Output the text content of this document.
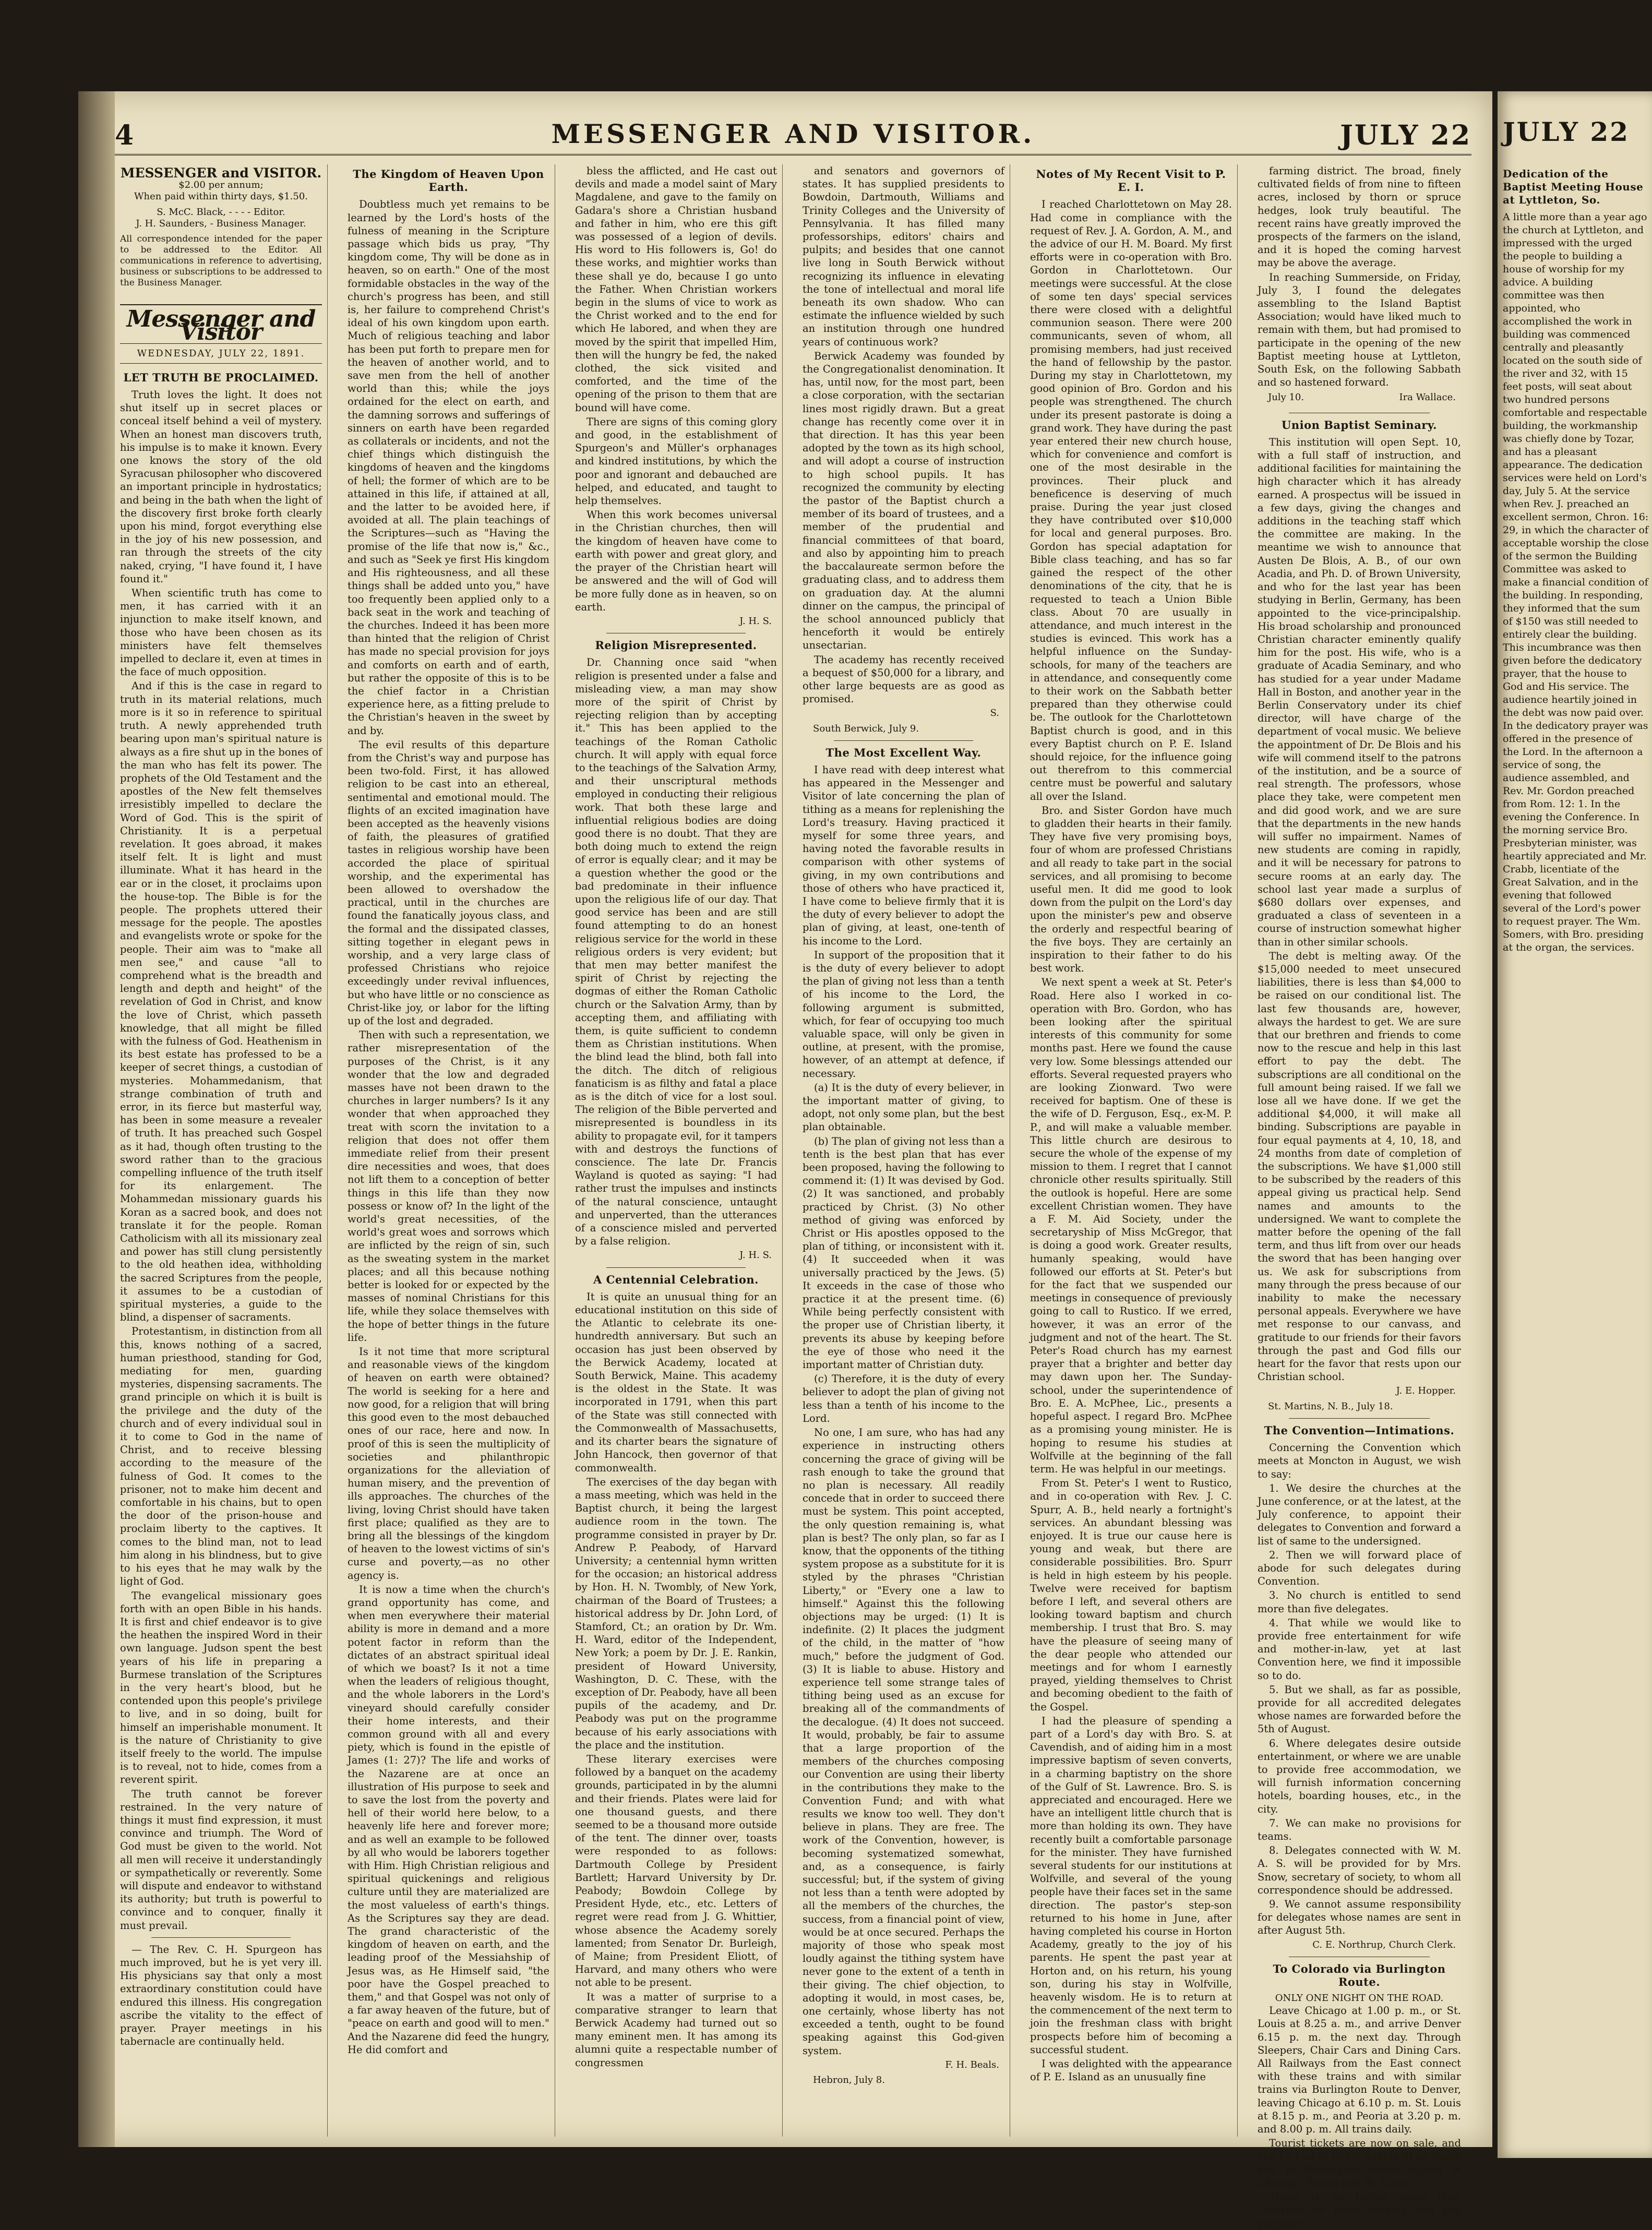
4	MESSENGER AND VISITOR.	JULY 22
MESSENGER and VISITOR.
$2.00 per annum;
When paid within thirty days, $1.50.
S. McC. Black, - - - - Editor.
J. H. Saunders, - Business Manager.
All correspondence intended for the paper to be addressed to the Editor. All communications in reference to advertising, business or subscriptions to be addressed to the Business Manager.
Messenger and Visitor
WEDNESDAY, JULY 22, 1891.
LET TRUTH BE PROCLAIMED.

Truth loves the light. It does not shut itself up in secret places or conceal itself behind a veil of mystery. When an honest man discovers truth, his impulse is to make it known. Every one knows the story of the old Syracusan philosopher who discovered an important principle in hydrostatics; and being in the bath when the light of the discovery first broke forth clearly upon his mind, forgot everything else in the joy of his new possession, and ran through the streets of the city naked, crying, "I have found it, I have found it."

When scientific truth has come to men, it has carried with it an injunction to make itself known, and those who have been chosen as its ministers have felt themselves impelled to declare it, even at times in the face of much opposition.

And if this is the case in regard to truth in its material relations, much more is it so in reference to spiritual truth. A newly apprehended truth bearing upon man's spiritual nature is always as a fire shut up in the bones of the man who has felt its power. The prophets of the Old Testament and the apostles of the New felt themselves irresistibly impelled to declare the Word of God. This is the spirit of Christianity. It is a perpetual revelation. It goes abroad, it makes itself felt. It is light and must illuminate. What it has heard in the ear or in the closet, it proclaims upon the house-top. The Bible is for the people. The prophets uttered their message for the people. The apostles and evangelists wrote or spoke for the people. Their aim was to "make all men see," and cause "all to comprehend what is the breadth and length and depth and height" of the revelation of God in Christ, and know the love of Christ, which passeth knowledge, that all might be filled with the fulness of God. Heathenism in its best estate has professed to be a keeper of secret things, a custodian of mysteries. Mohammedanism, that strange combination of truth and error, in its fierce but masterful way, has been in some measure a revealer of truth. It has preached such Gospel as it had, though often trusting to the sword rather than to the gracious compelling influence of the truth itself for its enlargement. The Mohammedan missionary guards his Koran as a sacred book, and does not translate it for the people. Roman Catholicism with all its missionary zeal and power has still clung persistently to the old heathen idea, withholding the sacred Scriptures from the people, it assumes to be a custodian of spiritual mysteries, a guide to the blind, a dispenser of sacraments.

Protestantism, in distinction from all this, knows nothing of a sacred, human priesthood, standing for God, mediating for men, guarding mysteries, dispensing sacraments. The grand principle on which it is built is the privilege and the duty of the church and of every individual soul in it to come to God in the name of Christ, and to receive blessing according to the measure of the fulness of God. It comes to the prisoner, not to make him decent and comfortable in his chains, but to open the door of the prison-house and proclaim liberty to the captives. It comes to the blind man, not to lead him along in his blindness, but to give to his eyes that he may walk by the light of God.

The evangelical missionary goes forth with an open Bible in his hands. It is first and chief endeavor is to give the heathen the inspired Word in their own language. Judson spent the best years of his life in preparing a Burmese translation of the Scriptures in the very heart's blood, but he contended upon this people's privilege to live, and in so doing, built for himself an imperishable monument. It is the nature of Christianity to give itself freely to the world. The impulse is to reveal, not to hide, comes from a reverent spirit.

The truth cannot be forever restrained. In the very nature of things it must find expression, it must convince and triumph. The Word of God must be given to the world. Not all men will receive it understandingly or sympathetically or reverently. Some will dispute and endeavor to withstand its authority; but truth is powerful to convince and to conquer, finally it must prevail.

— The Rev. C. H. Spurgeon has much improved, but he is yet very ill. His physicians say that only a most extraordinary constitution could have endured this illness. His congregation ascribe the vitality to the effect of prayer. Prayer meetings in his tabernacle are continually held.

The Kingdom of Heaven Upon Earth.

Doubtless much yet remains to be learned by the Lord's hosts of the fulness of meaning in the Scripture passage which bids us pray, "Thy kingdom come, Thy will be done as in heaven, so on earth." One of the most formidable obstacles in the way of the church's progress has been, and still is, her failure to comprehend Christ's ideal of his own kingdom upon earth. Much of religious teaching and labor has been put forth to prepare men for the heaven of another world, and to save men from the hell of another world than this; while the joys ordained for the elect on earth, and the damning sorrows and sufferings of sinners on earth have been regarded as collaterals or incidents, and not the chief things which distinguish the kingdoms of heaven and the kingdoms of hell; the former of which are to be attained in this life, if attained at all, and the latter to be avoided here, if avoided at all. The plain teachings of the Scriptures—such as "Having the promise of the life that now is," &c., and such as "Seek ye first His kingdom and His righteousness, and all these things shall be added unto you," have too frequently been applied only to a back seat in the work and teaching of the churches. Indeed it has been more than hinted that the religion of Christ has made no special provision for joys and comforts on earth and of earth, but rather the opposite of this is to be the chief factor in a Christian experience here, as a fitting prelude to the Christian's heaven in the sweet by and by.

The evil results of this departure from the Christ's way and purpose has been two-fold. First, it has allowed religion to be cast into an ethereal, sentimental and emotional mould. The flights of an excited imagination have been accepted as the heavenly visions of faith, the pleasures of gratified tastes in religious worship have been accorded the place of spiritual worship, and the experimental has been allowed to overshadow the practical, until in the churches are found the fanatically joyous class, and the formal and the dissipated classes, sitting together in elegant pews in worship, and a very large class of professed Christians who rejoice exceedingly under revival influences, but who have little or no conscience as Christ-like joy, or labor for the lifting up of the lost and degraded.

Then with such a representation, we rather misrepresentation of the purposes of the Christ, is it any wonder that the low and degraded masses have not been drawn to the churches in larger numbers? Is it any wonder that when approached they treat with scorn the invitation to a religion that does not offer them immediate relief from their present dire necessities and woes, that does not lift them to a conception of better things in this life than they now possess or know of? In the light of the world's great necessities, of the world's great woes and sorrows which are inflicted by the reign of sin, such as the sweating system in the market places; and all this because nothing better is looked for or expected by the masses of nominal Christians for this life, while they solace themselves with the hope of better things in the future life.

Is it not time that more scriptural and reasonable views of the kingdom of heaven on earth were obtained? The world is seeking for a here and now good, for a religion that will bring this good even to the most debauched ones of our race, here and now. In proof of this is seen the multiplicity of societies and philanthropic organizations for the alleviation of human misery, and the prevention of ills approaches. The churches of the living, loving Christ should have taken first place; qualified as they are to bring all the blessings of the kingdom of heaven to the lowest victims of sin's curse and poverty,—as no other agency is.

It is now a time when the church's grand opportunity has come, and when men everywhere their material ability is more in demand and a more potent factor in reform than the dictates of an abstract spiritual ideal of which we boast? Is it not a time when the leaders of religious thought, and the whole laborers in the Lord's vineyard should carefully consider their home interests, and their common ground with all and every piety, which is found in the epistle of James (1: 27)? The life and works of the Nazarene are at once an illustration of His purpose to seek and to save the lost from the poverty and hell of their world here below, to a heavenly life here and forever more; and as well an example to be followed by all who would be laborers together with Him. High Christian religious and spiritual quickenings and religious culture until they are materialized are the most valueless of earth's things. As the Scriptures say they are dead. The grand characteristic of the kingdom of heaven on earth, and the leading proof of the Messiahship of Jesus was, as He Himself said, "the poor have the Gospel preached to them," and that Gospel was not only of a far away heaven of the future, but of "peace on earth and good will to men." And the Nazarene did feed the hungry, He did comfort and

bless the afflicted, and He cast out devils and made a model saint of Mary Magdalene, and gave to the family on Gadara's shore a Christian husband and father in him, who ere this gift was possessed of a legion of devils. His word to His followers is, Go! do these works, and mightier works than these shall ye do, because I go unto the Father. When Christian workers begin in the slums of vice to work as the Christ worked and to the end for which He labored, and when they are moved by the spirit that impelled Him, then will the hungry be fed, the naked clothed, the sick visited and comforted, and the time of the opening of the prison to them that are bound will have come.

There are signs of this coming glory and good, in the establishment of Spurgeon's and Müller's orphanages and kindred institutions, by which the poor and ignorant and debauched are helped, and educated, and taught to help themselves.

When this work becomes universal in the Christian churches, then will the kingdom of heaven have come to earth with power and great glory, and the prayer of the Christian heart will be answered and the will of God will be more fully done as in heaven, so on earth.

J. H. S.
Religion Misrepresented.

Dr. Channing once said "when religion is presented under a false and misleading view, a man may show more of the spirit of Christ by rejecting religion than by accepting it." This has been applied to the teachings of the Roman Catholic church. It will apply with equal force to the teachings of the Salvation Army, and their unscriptural methods employed in conducting their religious work. That both these large and influential religious bodies are doing good there is no doubt. That they are both doing much to extend the reign of error is equally clear; and it may be a question whether the good or the bad predominate in their influence upon the religious life of our day. That good service has been and are still found attempting to do an honest religious service for the world in these religious orders is very evident; but that men may better manifest the spirit of Christ by rejecting the dogmas of either the Roman Catholic church or the Salvation Army, than by accepting them, and affiliating with them, is quite sufficient to condemn them as Christian institutions. When the blind lead the blind, both fall into the ditch. The ditch of religious fanaticism is as filthy and fatal a place as is the ditch of vice for a lost soul. The religion of the Bible perverted and misrepresented is boundless in its ability to propagate evil, for it tampers with and destroys the functions of conscience. The late Dr. Francis Wayland is quoted as saying: "I had rather trust the impulses and instincts of the natural conscience, untaught and unperverted, than the utterances of a conscience misled and perverted by a false religion.

J. H. S.
A Centennial Celebration.

It is quite an unusual thing for an educational institution on this side of the Atlantic to celebrate its one-hundredth anniversary. But such an occasion has just been observed by the Berwick Academy, located at South Berwick, Maine. This academy is the oldest in the State. It was incorporated in 1791, when this part of the State was still connected with the Commonwealth of Massachusetts, and its charter bears the signature of John Hancock, then governor of that commonwealth.

The exercises of the day began with a mass meeting, which was held in the Baptist church, it being the largest audience room in the town. The programme consisted in prayer by Dr. Andrew P. Peabody, of Harvard University; a centennial hymn written for the occasion; an historical address by Hon. H. N. Twombly, of New York, chairman of the Board of Trustees; a historical address by Dr. John Lord, of Stamford, Ct.; an oration by Dr. Wm. H. Ward, editor of the Independent, New York; a poem by Dr. J. E. Rankin, president of Howard University, Washington, D. C. These, with the exception of Dr. Peabody, have all been pupils of the academy, and Dr. Peabody was put on the programme because of his early associations with the place and the institution.

These literary exercises were followed by a banquet on the academy grounds, participated in by the alumni and their friends. Plates were laid for one thousand guests, and there seemed to be a thousand more outside of the tent. The dinner over, toasts were responded to as follows: Dartmouth College by President Bartlett; Harvard University by Dr. Peabody; Bowdoin College by President Hyde, etc., etc. Letters of regret were read from J. G. Whittier, whose absence the Academy sorely lamented; from Senator Dr. Burleigh, of Maine; from President Eliott, of Harvard, and many others who were not able to be present.

It was a matter of surprise to a comparative stranger to learn that Berwick Academy had turned out so many eminent men. It has among its alumni quite a respectable number of congressmen

and senators and governors of states. It has supplied presidents to Bowdoin, Dartmouth, Williams and Trinity Colleges and the University of Pennsylvania. It has filled many professorships, editors' chairs and pulpits; and besides that one cannot live long in South Berwick without recognizing its influence in elevating the tone of intellectual and moral life beneath its own shadow. Who can estimate the influence wielded by such an institution through one hundred years of continuous work?

Berwick Academy was founded by the Congregationalist denomination. It has, until now, for the most part, been a close corporation, with the sectarian lines most rigidly drawn. But a great change has recently come over it in that direction. It has this year been adopted by the town as its high school, and will adopt a course of instruction to high school pupils. It has recognized the community by electing the pastor of the Baptist church a member of its board of trustees, and a member of the prudential and financial committees of that board, and also by appointing him to preach the baccalaureate sermon before the graduating class, and to address them on graduation day. At the alumni dinner on the campus, the principal of the school announced publicly that henceforth it would be entirely unsectarian.

The academy has recently received a bequest of $50,000 for a library, and other large bequests are as good as promised.

S.
South Berwick, July 9.
The Most Excellent Way.

I have read with deep interest what has appeared in the Messenger and Visitor of late concerning the plan of tithing as a means for replenishing the Lord's treasury. Having practiced it myself for some three years, and having noted the favorable results in comparison with other systems of giving, in my own contributions and those of others who have practiced it, I have come to believe firmly that it is the duty of every believer to adopt the plan of giving, at least, one-tenth of his income to the Lord.

In support of the proposition that it is the duty of every believer to adopt the plan of giving not less than a tenth of his income to the Lord, the following argument is submitted, which, for fear of occupying too much valuable space, will only be given in outline, at present, with the promise, however, of an attempt at defence, if necessary.

(a) It is the duty of every believer, in the important matter of giving, to adopt, not only some plan, but the best plan obtainable.

(b) The plan of giving not less than a tenth is the best plan that has ever been proposed, having the following to commend it: (1) It was devised by God. (2) It was sanctioned, and probably practiced by Christ. (3) No other method of giving was enforced by Christ or His apostles opposed to the plan of tithing, or inconsistent with it. (4) It succeeded when it was universally practiced by the Jews. (5) It exceeds in the case of those who practice it at the present time. (6) While being perfectly consistent with the proper use of Christian liberty, it prevents its abuse by keeping before the eye of those who need it the important matter of Christian duty.

(c) Therefore, it is the duty of every believer to adopt the plan of giving not less than a tenth of his income to the Lord.

No one, I am sure, who has had any experience in instructing others concerning the grace of giving will be rash enough to take the ground that no plan is necessary. All readily concede that in order to succeed there must be system. This point accepted, the only question remaining is, what plan is best? The only plan, so far as I know, that the opponents of the tithing system propose as a substitute for it is styled by the phrases "Christian Liberty," or "Every one a law to himself." Against this the following objections may be urged: (1) It is indefinite. (2) It places the judgment of the child, in the matter of "how much," before the judgment of God. (3) It is liable to abuse. History and experience tell some strange tales of tithing being used as an excuse for breaking all of the commandments of the decalogue. (4) It does not succeed. It would, probably, be fair to assume that a large proportion of the members of the churches composing our Convention are using their liberty in the contributions they make to the Convention Fund; and with what results we know too well. They don't believe in plans. They are free. The work of the Convention, however, is becoming systematized somewhat, and, as a consequence, is fairly successful; but, if the system of giving not less than a tenth were adopted by all the members of the churches, the success, from a financial point of view, would be at once secured. Perhaps the majority of those who speak most loudly against the tithing system have never gone to the extent of a tenth in their giving. The chief objection, to adopting it would, in most cases, be, one certainly, whose liberty has not exceeded a tenth, ought to be found speaking against this God-given system.

F. H. Beals.
Hebron, July 8.
Notes of My Recent Visit to P. E. I.

I reached Charlottetown on May 28. Had come in compliance with the request of Rev. J. A. Gordon, A. M., and the advice of our H. M. Board. My first efforts were in co-operation with Bro. Gordon in Charlottetown. Our meetings were successful. At the close of some ten days' special services there were closed with a delightful communion season. There were 200 communicants, seven of whom, all promising members, had just received the hand of fellowship by the pastor. During my stay in Charlottetown, my good opinion of Bro. Gordon and his people was strengthened. The church under its present pastorate is doing a grand work. They have during the past year entered their new church house, which for convenience and comfort is one of the most desirable in the provinces. Their pluck and beneficence is deserving of much praise. During the year just closed they have contributed over $10,000 for local and general purposes. Bro. Gordon has special adaptation for Bible class teaching, and has so far gained the respect of the other denominations of the city, that he is requested to teach a Union Bible class. About 70 are usually in attendance, and much interest in the studies is evinced. This work has a helpful influence on the Sunday-schools, for many of the teachers are in attendance, and consequently come to their work on the Sabbath better prepared than they otherwise could be. The outlook for the Charlottetown Baptist church is good, and in this every Baptist church on P. E. Island should rejoice, for the influence going out therefrom to this commercial centre must be powerful and salutary all over the Island.

Bro. and Sister Gordon have much to gladden their hearts in their family. They have five very promising boys, four of whom are professed Christians and all ready to take part in the social services, and all promising to become useful men. It did me good to look down from the pulpit on the Lord's day upon the minister's pew and observe the orderly and respectful bearing of the five boys. They are certainly an inspiration to their father to do his best work.

We next spent a week at St. Peter's Road. Here also I worked in co-operation with Bro. Gordon, who has been looking after the spiritual interests of this community for some months past. Here we found the cause very low. Some blessings attended our efforts. Several requested prayers who are looking Zionward. Two were received for baptism. One of these is the wife of D. Ferguson, Esq., ex-M. P. P., and will make a valuable member. This little church are desirous to secure the whole of the expense of my mission to them. I regret that I cannot chronicle other results spiritually. Still the outlook is hopeful. Here are some excellent Christian women. They have a F. M. Aid Society, under the secretaryship of Miss McGregor, that is doing a good work. Greater results, humanly speaking, would have followed our efforts at St. Peter's but for the fact that we suspended our meetings in consequence of previously going to call to Rustico. If we erred, however, it was an error of the judgment and not of the heart. The St. Peter's Road church has my earnest prayer that a brighter and better day may dawn upon her. The Sunday-school, under the superintendence of Bro. E. A. McPhee, Lic., presents a hopeful aspect. I regard Bro. McPhee as a promising young minister. He is hoping to resume his studies at Wolfville at the beginning of the fall term. He was helpful in our meetings.

From St. Peter's I went to Rustico, and in co-operation with Rev. J. C. Spurr, A. B., held nearly a fortnight's services. An abundant blessing was enjoyed. It is true our cause here is young and weak, but there are considerable possibilities. Bro. Spurr is held in high esteem by his people. Twelve were received for baptism before I left, and several others are looking toward baptism and church membership. I trust that Bro. S. may have the pleasure of seeing many of the dear people who attended our meetings and for whom I earnestly prayed, yielding themselves to Christ and becoming obedient to the faith of the Gospel.

I had the pleasure of spending a part of a Lord's day with Bro. S. at Cavendish, and of aiding him in a most impressive baptism of seven converts, in a charming baptistry on the shore of the Gulf of St. Lawrence. Bro. S. is appreciated and encouraged. Here we have an intelligent little church that is more than holding its own. They have recently built a comfortable parsonage for the minister. They have furnished several students for our institutions at Wolfville, and several of the young people have their faces set in the same direction. The pastor's step-son returned to his home in June, after having completed his course in Horton Academy, greatly to the joy of his parents. He spent the past year at Horton and, on his return, his young son, during his stay in Wolfville, heavenly wisdom. He is to return at the commencement of the next term to join the freshman class with bright prospects before him of becoming a successful student.

I was delighted with the appearance of P. E. Island as an unusually fine

farming district. The broad, finely cultivated fields of from nine to fifteen acres, inclosed by thorn or spruce hedges, look truly beautiful. The recent rains have greatly improved the prospects of the farmers on the island, and it is hoped the coming harvest may be above the average.

In reaching Summerside, on Friday, July 3, I found the delegates assembling to the Island Baptist Association; would have liked much to remain with them, but had promised to participate in the opening of the new Baptist meeting house at Lyttleton, South Esk, on the following Sabbath and so hastened forward.

July 10.	Ira Wallace.
Union Baptist Seminary.

This institution will open Sept. 10, with a full staff of instruction, and additional facilities for maintaining the high character which it has already earned. A prospectus will be issued in a few days, giving the changes and additions in the teaching staff which the committee are making. In the meantime we wish to announce that Austen De Blois, A. B., of our own Acadia, and Ph. D. of Brown University, and who for the last year has been studying in Berlin, Germany, has been appointed to the vice-principalship. His broad scholarship and pronounced Christian character eminently qualify him for the post. His wife, who is a graduate of Acadia Seminary, and who has studied for a year under Madame Hall in Boston, and another year in the Berlin Conservatory under its chief director, will have charge of the department of vocal music. We believe the appointment of Dr. De Blois and his wife will commend itself to the patrons of the institution, and be a source of real strength. The professors, whose place they take, were competent men and did good work, and we are sure that the departments in the new hands will suffer no impairment. Names of new students are coming in rapidly, and it will be necessary for patrons to secure rooms at an early day. The school last year made a surplus of $680 dollars over expenses, and graduated a class of seventeen in a course of instruction somewhat higher than in other similar schools.

The debt is melting away. Of the $15,000 needed to meet unsecured liabilities, there is less than $4,000 to be raised on our conditional list. The last few thousands are, however, always the hardest to get. We are sure that our brethren and friends to come now to the rescue and help in this last effort to pay the debt. The subscriptions are all conditional on the full amount being raised. If we fall we lose all we have done. If we get the additional $4,000, it will make all binding. Subscriptions are payable in four equal payments at 4, 10, 18, and 24 months from date of completion of the subscriptions. We have $1,000 still to be subscribed by the readers of this appeal giving us practical help. Send names and amounts to the undersigned. We want to complete the matter before the opening of the fall term, and thus lift from over our heads the sword that has been hanging over us. We ask for subscriptions from many through the press because of our inability to make the necessary personal appeals. Everywhere we have met response to our canvass, and gratitude to our friends for their favors through the past and God fills our heart for the favor that rests upon our Christian school.

J. E. Hopper.
St. Martins, N. B., July 18.
The Convention—Intimations.

Concerning the Convention which meets at Moncton in August, we wish to say:

1. We desire the churches at the June conference, or at the latest, at the July conference, to appoint their delegates to Convention and forward a list of same to the undersigned.

2. Then we will forward place of abode for such delegates during Convention.

3. No church is entitled to send more than five delegates.

4. That while we would like to provide free entertainment for wife and mother-in-law, yet at last Convention here, we find it impossible so to do.

5. But we shall, as far as possible, provide for all accredited delegates whose names are forwarded before the 5th of August.

6. Where delegates desire outside entertainment, or where we are unable to provide free accommodation, we will furnish information concerning hotels, boarding houses, etc., in the city.

7. We can make no provisions for teams.

8. Delegates connected with W. M. A. S. will be provided for by Mrs. Snow, secretary of society, to whom all correspondence should be addressed.

9. We cannot assume responsibility for delegates whose names are sent in after August 5th.

C. E. Northrup, Church Clerk.
To Colorado via Burlington Route.
ONLY ONE NIGHT ON THE ROAD.

Leave Chicago at 1.00 p. m., or St. Louis at 8.25 a. m., and arrive Denver 6.15 p. m. the next day. Through Sleepers, Chair Cars and Dining Cars. All Railways from the East connect with these trains and with similar trains via Burlington Route to Denver, leaving Chicago at 6.10 p. m. St. Louis at 8.15 p. m., and Peoria at 3.20 p. m. and 8.00 p. m. All trains daily.

Tourist tickets are now on sale, and can be had of ticket agents of all roads and at Burlington Route depots in Chicago, Peoria and St. Louis.

There is no better place than Colorado for those seeking rest and pleasure

JULY 22
Dedication of the Baptist Meeting House at Lyttleton, So.
A little more than a year ago the church at Lyttleton, and impressed with the urged the people to building a house of worship for my advice. A building committee was then appointed, who accomplished the work in building was commenced centrally and pleasantly located on the south side of the river and 32, with 15 feet posts, will seat about two hundred persons comfortable and respectable building, the workmanship was chiefly done by Tozar, and has a pleasant appearance. The dedication services were held on Lord's day, July 5. At the service when Rev. J. preached an excellent sermon, Chron. 16: 29, in which the character of acceptable worship the close of the sermon the Building Committee was asked to make a financial condition of the building. In responding, they informed that the sum of $150 was still needed to entirely clear the building. This incumbrance was then given before the dedicatory prayer, that the house to God and His service. The audience heartily joined in the debt was now paid over. In the dedicatory prayer was offered in the presence of the Lord. In the afternoon a service of song, the audience assembled, and Rev. Mr. Gordon preached from Rom. 12: 1. In the evening the Conference. In the morning service Bro. Presbyterian minister, was heartily appreciated and Mr. Crabb, licentiate of the Great Salvation, and in the evening that followed several of the Lord's power to request prayer. The Wm. Somers, with Bro. presiding at the organ, the services.
